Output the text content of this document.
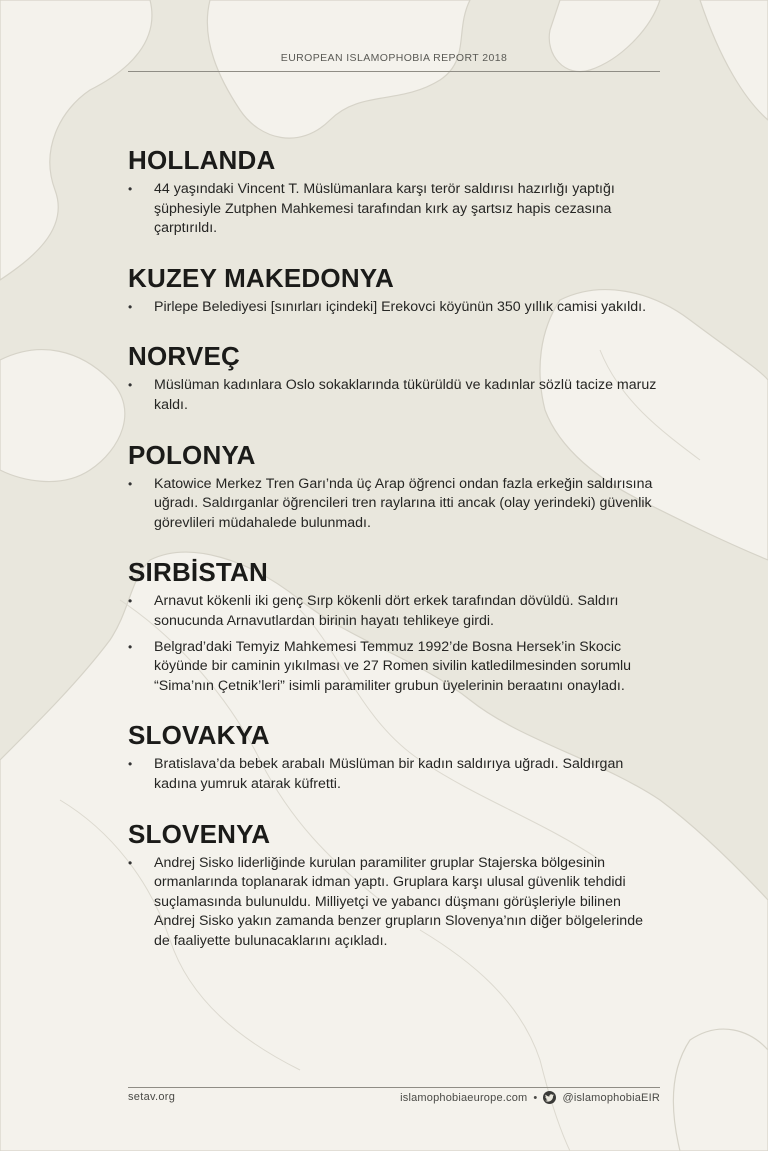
EUROPEAN ISLAMOPHOBIA REPORT 2018
HOLLANDA
• 44 yaşındaki Vincent T. Müslümanlara karşı terör saldırısı hazırlığı yaptığı şüphesiyle Zutphen Mahkemesi tarafından kırk ay şartsız hapis cezasına çarptırıldı.
KUZEY MAKEDONYA
• Pirlepe Belediyesi [sınırları içindeki] Erekovci köyünün 350 yıllık camisi yakıldı.
NORVEÇ
• Müslüman kadınlara Oslo sokaklarında tükürüldü ve kadınlar sözlü tacize maruz kaldı.
POLONYA
• Katowice Merkez Tren Garı’nda üç Arap öğrenci ondan fazla erkeğin saldırısına uğradı. Saldırganlar öğrencileri tren raylarına itti ancak (olay yerindeki) güvenlik görevlileri müdahalede bulunmadı.
SIRBİSTAN
• Arnavut kökenli iki genç Sırp kökenli dört erkek tarafından dövüldü. Saldırı sonucunda Arnavutlardan birinin hayatı tehlikeye girdi.
• Belgrad’daki Temyiz Mahkemesi Temmuz 1992’de Bosna Hersek’in Skocic köyünde bir caminin yıkılması ve 27 Romen sivilin katledilmesinden sorumlu “Sima’nın Çetnik’leri” isimli paramiliter grubun üyelerinin beraatını onayladı.
SLOVAKYA
• Bratislava’da bebek arabalı Müslüman bir kadın saldırıya uğradı. Saldırgan kadına yumruk atarak küfretti.
SLOVENYA
• Andrej Sisko liderliğinde kurulan paramiliter gruplar Stajerska bölgesinin ormanlarında toplanarak idman yaptı. Gruplara karşı ulusal güvenlik tehdidi suçlamasında bulunuldu. Milliyetçi ve yabancı düşmanı görüşleriyle bilinen Andrej Sisko yakın zamanda benzer grupların Slovenya’nın diğer bölgelerinde de faaliyette bulunacaklarını açıkladı.
setav.org	islamophobiaeurope.com • @islamophobiaEIR
